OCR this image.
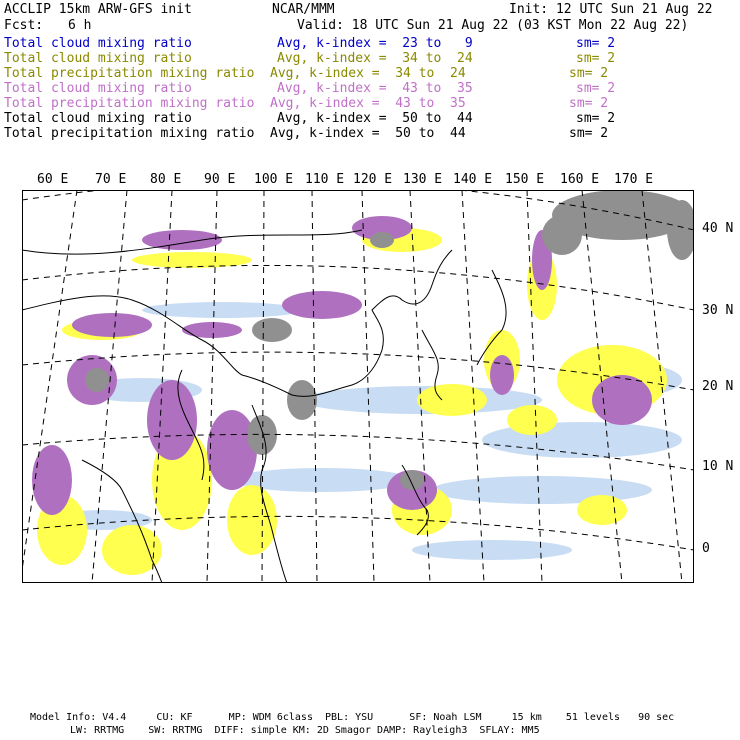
ACCLIP 15km ARW-GFS init	NCAR/MMM	Init: 12 UTC Sun 21 Aug 22
Fcst: 6 h	Valid: 18 UTC Sun 21 Aug 22 (03 KST Mon 22 Aug 22)
Total cloud mixing ratio	Avg, k-index =  23 to   9	sm= 2
Total cloud mixing ratio	Avg, k-index =  34 to  24	sm= 2
Total precipitation mixing ratio Avg, k-index =  34 to  24	sm= 2
Total cloud mixing ratio	Avg, k-index =  43 to  35	sm= 2
Total precipitation mixing ratio Avg, k-index =  43 to  35	sm= 2
Total cloud mixing ratio	Avg, k-index =  50 to  44	sm= 2
Total precipitation mixing ratio Avg, k-index =  50 to  44	sm= 2
60 E 70 E 80 E 90 E 100 E 110 E 120 E 130 E 140 E 150 E 160 E 170 E
40 N
30 N
20 N
10 N
0
Model Info: V4.4     CU: KF      MP: WDM 6class  PBL: YSU      SF: Noah LSM     15 km    51 levels   90 sec
LW: RRTMG    SW: RRTMG  DIFF: simple KM: 2D Smagor DAMP: Rayleigh3  SFLAY: MM5
